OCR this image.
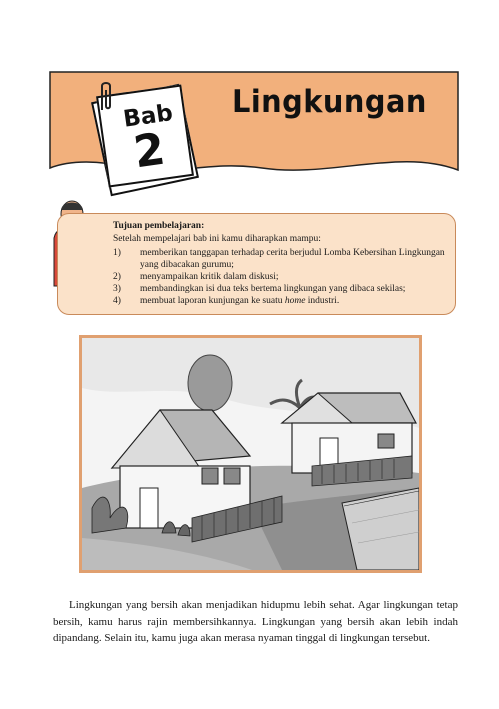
Lingkungan
Bab
2
Tujuan pembelajaran:
Setelah mempelajari bab ini kamu diharapkan mampu:
1) memberikan tanggapan terhadap cerita berjudul Lomba Kebersihan Lingkungan yang dibacakan gurumu;
2) menyampaikan kritik dalam diskusi;
3) membandingkan isi dua teks bertema lingkungan yang dibaca sekilas;
4) membuat laporan kunjungan ke suatu home industri.

Lingkungan yang bersih akan menjadikan hidupmu lebih sehat. Agar lingkungan tetap bersih, kamu harus rajin membersihkannya. Lingkungan yang bersih akan lebih indah dipandang. Selain itu, kamu juga akan merasa nyaman tinggal di lingkungan tersebut.
